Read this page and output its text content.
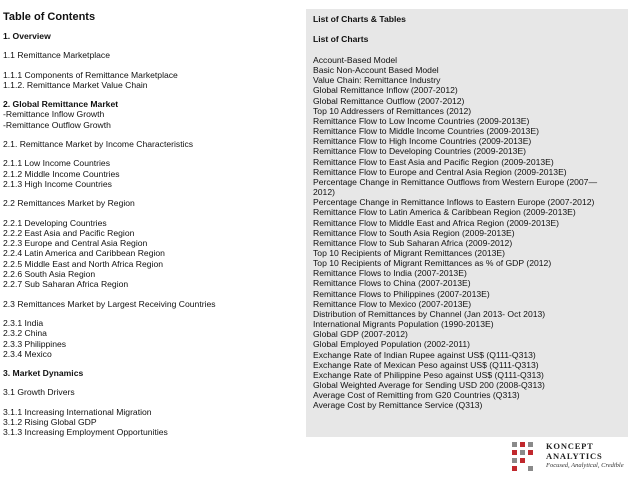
Table of Contents
1. Overview
1.1 Remittance Marketplace
1.1.1 Components of Remittance Marketplace
1.1.2. Remittance Market Value Chain
2. Global Remittance Market
-Remittance Inflow Growth
-Remittance Outflow Growth
2.1. Remittance Market by Income Characteristics
2.1.1 Low Income Countries
2.1.2 Middle Income Countries
2.1.3 High Income Countries
2.2 Remittances Market by Region
2.2.1 Developing Countries
2.2.2 East Asia and Pacific Region
2.2.3 Europe and Central Asia Region
2.2.4 Latin America and Caribbean Region
2.2.5 Middle East and North Africa Region
2.2.6 South Asia Region
2.2.7 Sub Saharan Africa Region
2.3 Remittances Market by Largest Receiving Countries
2.3.1 India
2.3.2 China
2.3.3 Philippines
2.3.4 Mexico
3. Market Dynamics
3.1 Growth Drivers
3.1.1 Increasing International Migration
3.1.2 Rising Global GDP
3.1.3 Increasing Employment Opportunities
List of Charts & Tables
List of Charts
Account-Based Model
Basic Non-Account Based Model
Value Chain: Remittance Industry
Global Remittance Inflow (2007-2012)
Global Remittance Outflow (2007-2012)
Top 10 Addressers of Remittances (2012)
Remittance Flow to Low Income Countries (2009-2013E)
Remittance Flow to Middle Income Countries (2009-2013E)
Remittance Flow to High Income Countries (2009-2013E)
Remittance Flow to Developing Countries (2009-2013E)
Remittance Flow to East Asia and Pacific Region (2009-2013E)
Remittance Flow to Europe and Central Asia Region (2009-2013E)
Percentage Change in Remittance Outflows from Western Europe (2007—
2012)
Percentage Change in Remittance Inflows to Eastern Europe (2007-2012)
Remittance Flow to Latin America & Caribbean Region (2009-2013E)
Remittance Flow to Middle East and Africa Region (2009-2013E)
Remittance Flow to South Asia Region (2009-2013E)
Remittance Flow to Sub Saharan Africa (2009-2012)
Top 10 Recipients of Migrant Remittances (2013E)
Top 10 Recipients of Migrant Remittances as % of GDP (2012)
Remittance Flows to India (2007-2013E)
Remittance Flows to China (2007-2013E)
Remittance Flows to Philippines (2007-2013E)
Remittance Flow to Mexico (2007-2013E)
Distribution of Remittances by Channel (Jan 2013- Oct 2013)
International Migrants Population (1990-2013E)
Global GDP (2007-2012)
Global Employed Population (2002-2011)
Exchange Rate of Indian Rupee against US$ (Q111-Q313)
Exchange Rate of Mexican Peso against US$ (Q111-Q313)
Exchange Rate of Philippine Peso against US$ (Q111-Q313)
Global Weighted Average for Sending USD 200 (2008-Q313)
Average Cost of Remitting from G20 Countries (Q313)
Average Cost by Remittance Service (Q313)
KONCEPT
ANALYTICS
Focused, Analytical, Credible
